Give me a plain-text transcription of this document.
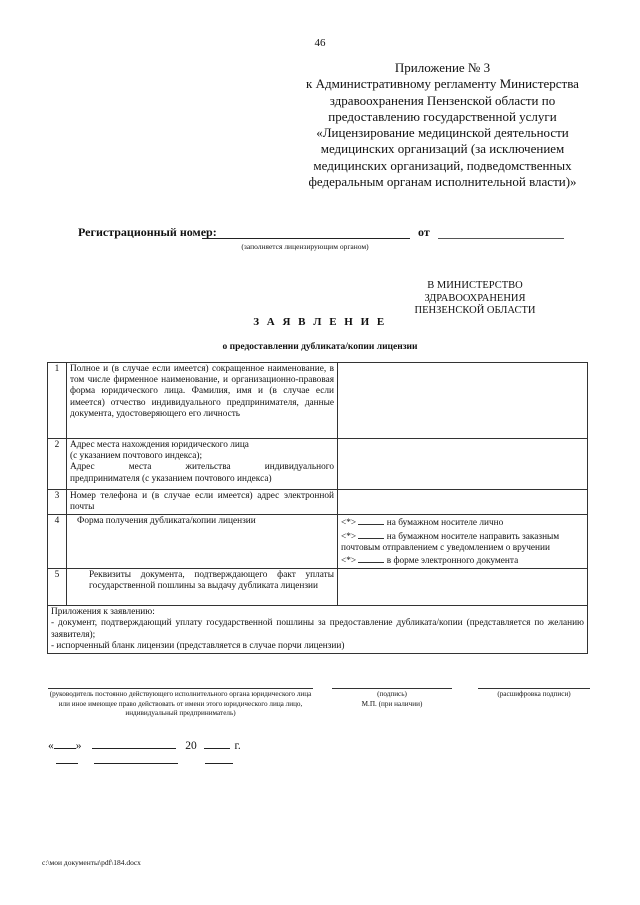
46
Приложение № 3
к Административному регламенту Министерства
здравоохранения Пензенской области по
предоставлению государственной услуги
«Лицензирование медицинской деятельности
медицинских организаций (за исключением
медицинских организаций, подведомственных
федеральным органам исполнительной власти)»
Регистрационный номер:	от
(заполняется лицензирующим органом)
В МИНИСТЕРСТВО
ЗДРАВООХРАНЕНИЯ
ПЕНЗЕНСКОЙ ОБЛАСТИ
З А Я В Л Е Н И Е
о предоставлении дубликата/копии лицензии
1	Полное и (в случае если имеется) сокращенное наименование, в том числе фирменное наименование, и организационно-правовая форма юридического лица. Фамилия, имя и (в случае если имеется) отчество индивидуального предпринимателя, данные документа, удостоверяющего его личность	
2	Адрес места нахождения юридического лица
(с указанием почтового индекса);
Адрес места жительства индивидуального
предпринимателя (с указанием почтового индекса)	

3	Номер телефона и (в случае если имеется) адрес электронной почты	
4	Форма получения дубликата/копии лицензии	<*> на бумажном носителе лично
<*> на бумажном носителе направить заказным почтовым отправлением с уведомлением о вручении
<*> в форме электронного документа

5	Реквизиты документа, подтверждающего факт уплаты государственной пошлины за выдачу дубликата лицензии	

Приложения к заявлению:
- документ, подтверждающий уплату государственной пошлины за предоставление дубликата/копии (представляется по желанию заявителя);
- испорченный бланк лицензии (представляется в случае порчи лицензии)		
(руководитель постоянно действующего исполнительного органа юридического лица или иное имеющее право действовать от имени этого юридического лица лицо, индивидуальный предприниматель)
(подпись)
М.П. (при наличии)
(расшифровка подписи)
« »	20	г.
c:\мои документы\pdf\184.docx
